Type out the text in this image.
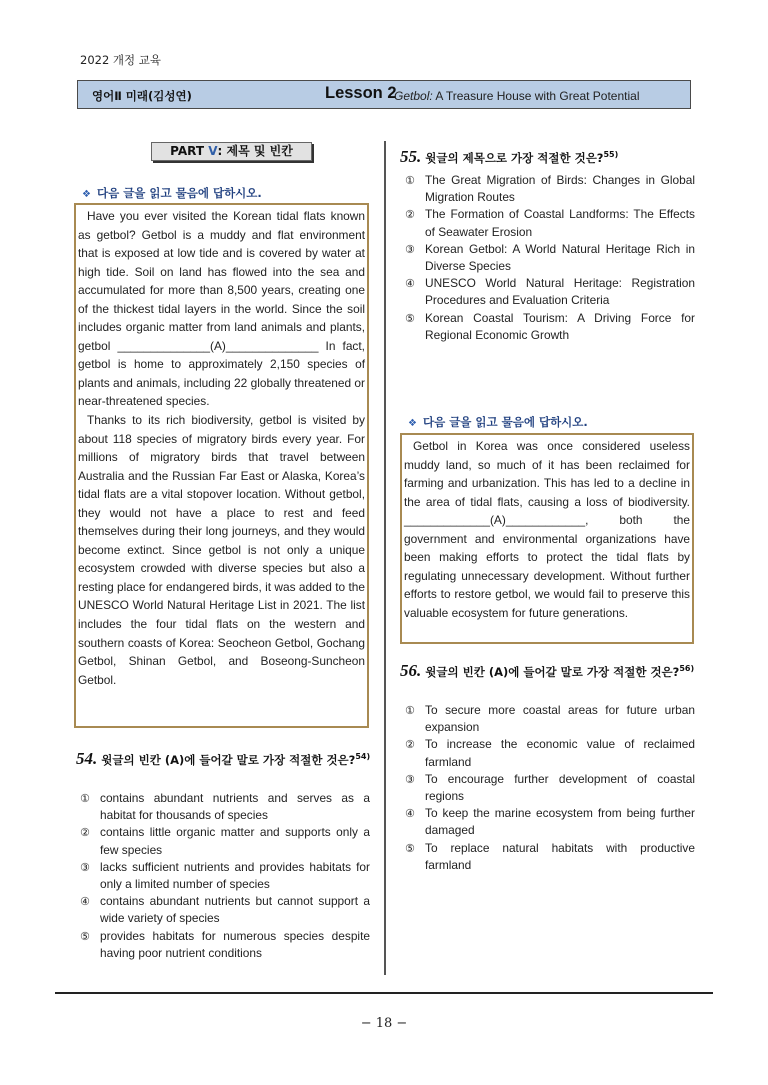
2022 개정 교육
영어Ⅱ 미래(김성연)	Lesson 2
Getbol: A Treasure House with Great Potential
PART Ⅴ: 제목 및 빈칸
❖ 다음 글을 읽고 물음에 답하시오.

Have you ever visited the Korean tidal flats known as getbol? Getbol is a muddy and flat environment that is exposed at low tide and is covered by water at high tide. Soil on land has flowed into the sea and accumulated for more than 8,500 years, creating one of the thickest tidal layers in the world. Since the soil includes organic matter from land animals and plants, getbol ______________(A)______________ In fact, getbol is home to approximately 2,150 species of plants and animals, including 22 globally threatened or near-threatened species.

Thanks to its rich biodiversity, getbol is visited by about 118 species of migratory birds every year. For millions of migratory birds that travel between Australia and the Russian Far East or Alaska, Korea’s tidal flats are a vital stopover location. Without getbol, they would not have a place to rest and feed themselves during their long journeys, and they would become extinct. Since getbol is not only a unique ecosystem crowded with diverse species but also a resting place for endangered birds, it was added to the UNESCO World Natural Heritage List in 2021. The list includes the four tidal flats on the western and southern coasts of Korea: Seocheon Getbol, Gochang Getbol, Shinan Getbol, and Boseong-Suncheon Getbol.

54. 윗글의 빈칸 (A)에 들어갈 말로 가장 적절한 것은?$^{54)}$
① contains abundant nutrients and serves as a habitat for thousands of species
② contains little organic matter and supports only a few species
③ lacks sufficient nutrients and provides habitats for only a limited number of species
④ contains abundant nutrients but cannot support a wide variety of species
⑤ provides habitats for numerous species despite having poor nutrient conditions
55. 윗글의 제목으로 가장 적절한 것은?$^{55)}$
① The Great Migration of Birds: Changes in Global Migration Routes
② The Formation of Coastal Landforms: The Effects of Seawater Erosion
③ Korean Getbol: A World Natural Heritage Rich in Diverse Species
④ UNESCO World Natural Heritage: Registration Procedures and Evaluation Criteria
⑤ Korean Coastal Tourism: A Driving Force for Regional Economic Growth
❖ 다음 글을 읽고 물음에 답하시오.

Getbol in Korea was once considered useless muddy land, so much of it has been reclaimed for farming and urbanization. This has led to a decline in the area of tidal flats, causing a loss of biodiversity. _____________(A)____________, both the government and environmental organizations have been making efforts to protect the tidal flats by regulating unnecessary development. Without further efforts to restore getbol, we would fail to preserve this valuable ecosystem for future generations.

56. 윗글의 빈칸 (A)에 들어갈 말로 가장 적절한 것은?$^{56)}$
① To secure more coastal areas for future urban expansion
② To increase the economic value of reclaimed farmland
③ To encourage further development of coastal regions
④ To keep the marine ecosystem from being further damaged
⑤ To replace natural habitats with productive farmland
− 18 −
